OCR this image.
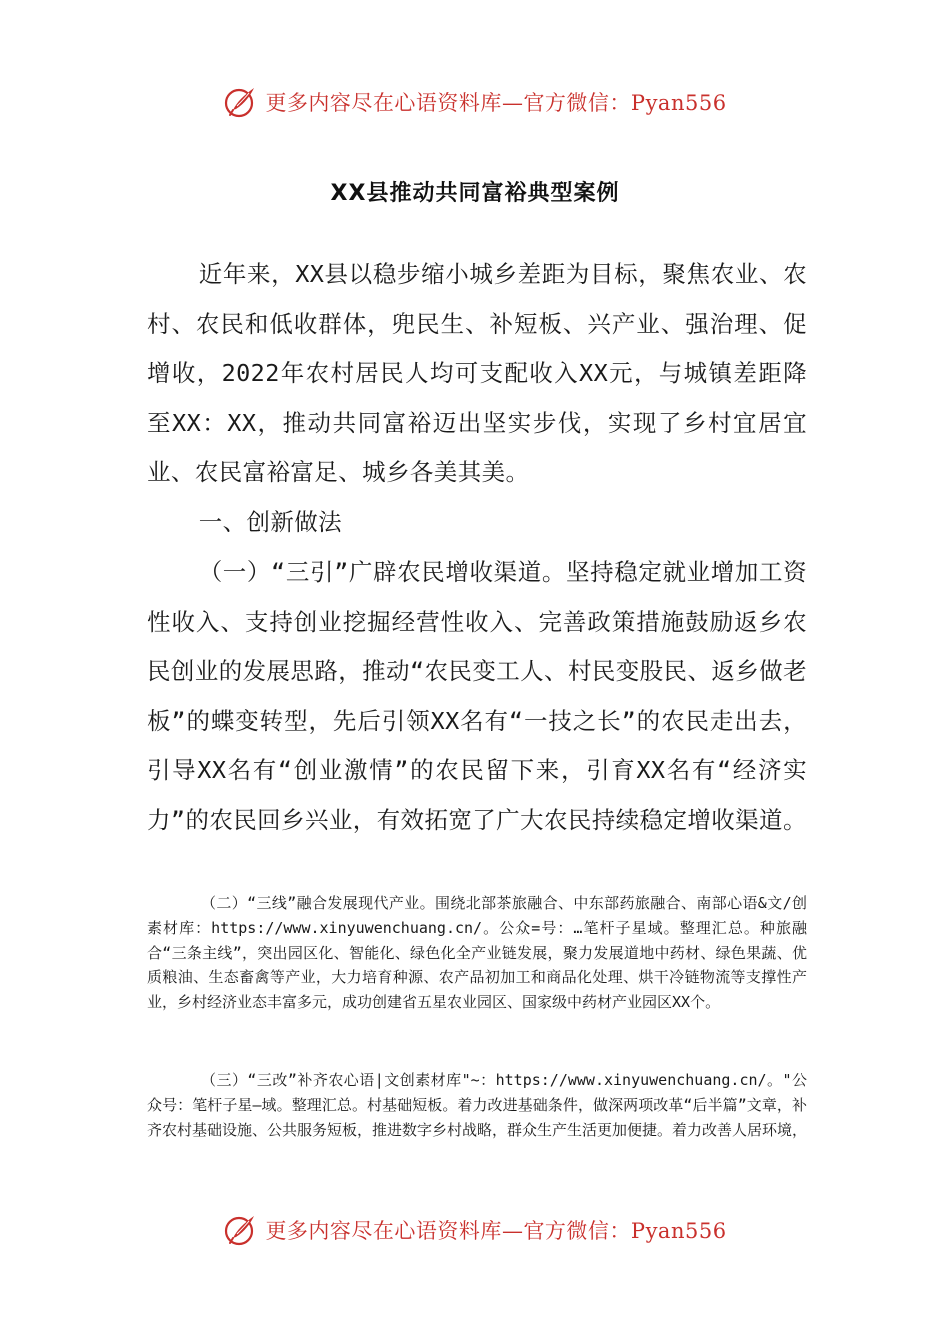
更多内容尽在心语资料库—官方微信：Pyan556
XX县推动共同富裕典型案例

近年来，XX县以稳步缩小城乡差距为目标，聚焦农业、农村、农民和低收群体，兜民生、补短板、兴产业、强治理、促增收，2022年农村居民人均可支配收入XX元，与城镇差距降至XX：XX，推动共同富裕迈出坚实步伐，实现了乡村宜居宜业、农民富裕富足、城乡各美其美。

一、创新做法

（一）“三引”广辟农民增收渠道。坚持稳定就业增加工资性收入、支持创业挖掘经营性收入、完善政策措施鼓励返乡农民创业的发展思路，推动“农民变工人、村民变股民、返乡做老板”的蝶变转型，先后引领XX名有“一技之长”的农民走出去，引导XX名有“创业激情”的农民留下来，引育XX名有“经济实力”的农民回乡兴业，有效拓宽了广大农民持续稳定增收渠道。

（二）“三线”融合发展现代产业。围绕北部茶旅融合、中东部药旅融合、南部心语&文/创素材库：https://www.xinyuwenchuang.cn/。公众=号：…笔杆子星域。整理汇总。种旅融合“三条主线”，突出园区化、智能化、绿色化全产业链发展，聚力发展道地中药材、绿色果蔬、优质粮油、生态畜禽等产业，大力培育种源、农产品初加工和商品化处理、烘干冷链物流等支撑性产业，乡村经济业态丰富多元，成功创建省五星农业园区、国家级中药材产业园区XX个。

（三）“三改”补齐农心语|文创素材库"~：https://www.xinyuwenchuang.cn/。"公众号：笔杆子星—域。整理汇总。村基础短板。着力改进基础条件，做深两项改革“后半篇”文章，补齐农村基础设施、公共服务短板，推进数字乡村战略，群众生产生活更加便捷。着力改善人居环境，

更多内容尽在心语资料库—官方微信：Pyan556
